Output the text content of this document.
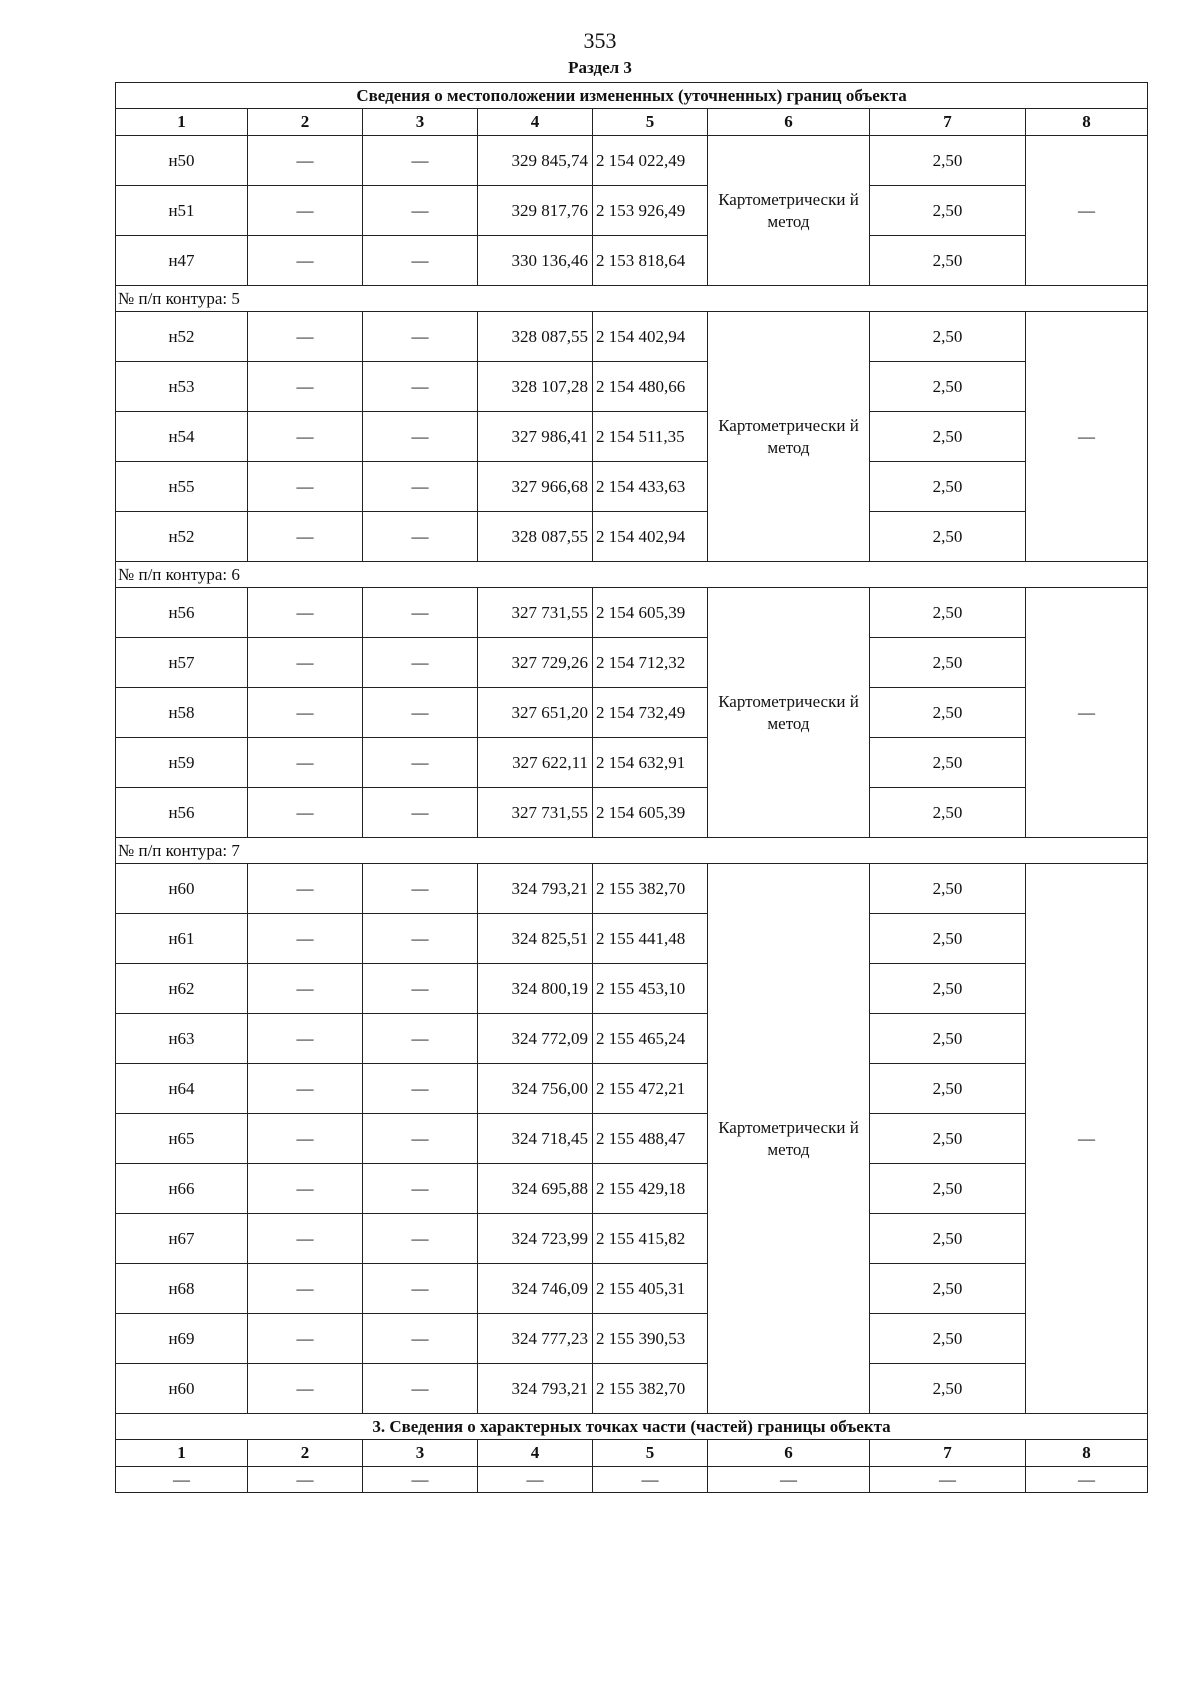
353
Раздел 3
Сведения о местоположении измененных (уточненных) границ объекта							
1	2	3	4	5	6	7	8
н50	—	—	329 845,74	2 154 022,49	Картометрически й метод	2,50	—
н51	—	—	329 817,76	2 153 926,49		2,50	
н47	—	—	330 136,46	2 153 818,64		2,50	
№ п/п контура: 5							
н52	—	—	328 087,55	2 154 402,94	Картометрически й метод	2,50	—
н53	—	—	328 107,28	2 154 480,66		2,50	
н54	—	—	327 986,41	2 154 511,35		2,50	
н55	—	—	327 966,68	2 154 433,63		2,50	
н52	—	—	328 087,55	2 154 402,94		2,50	
№ п/п контура: 6							
н56	—	—	327 731,55	2 154 605,39	Картометрически й метод	2,50	—
н57	—	—	327 729,26	2 154 712,32		2,50	
н58	—	—	327 651,20	2 154 732,49		2,50	
н59	—	—	327 622,11	2 154 632,91		2,50	
н56	—	—	327 731,55	2 154 605,39		2,50	
№ п/п контура: 7							
н60	—	—	324 793,21	2 155 382,70	Картометрически й метод	2,50	—
н61	—	—	324 825,51	2 155 441,48		2,50	
н62	—	—	324 800,19	2 155 453,10		2,50	
н63	—	—	324 772,09	2 155 465,24		2,50	
н64	—	—	324 756,00	2 155 472,21		2,50	
н65	—	—	324 718,45	2 155 488,47		2,50	
н66	—	—	324 695,88	2 155 429,18		2,50	
н67	—	—	324 723,99	2 155 415,82		2,50	
н68	—	—	324 746,09	2 155 405,31		2,50	
н69	—	—	324 777,23	2 155 390,53		2,50	
н60	—	—	324 793,21	2 155 382,70		2,50	
3. Сведения о характерных точках части (частей) границы объекта							
1	2	3	4	5	6	7	8
—	—	—	—	—	—	—	—
